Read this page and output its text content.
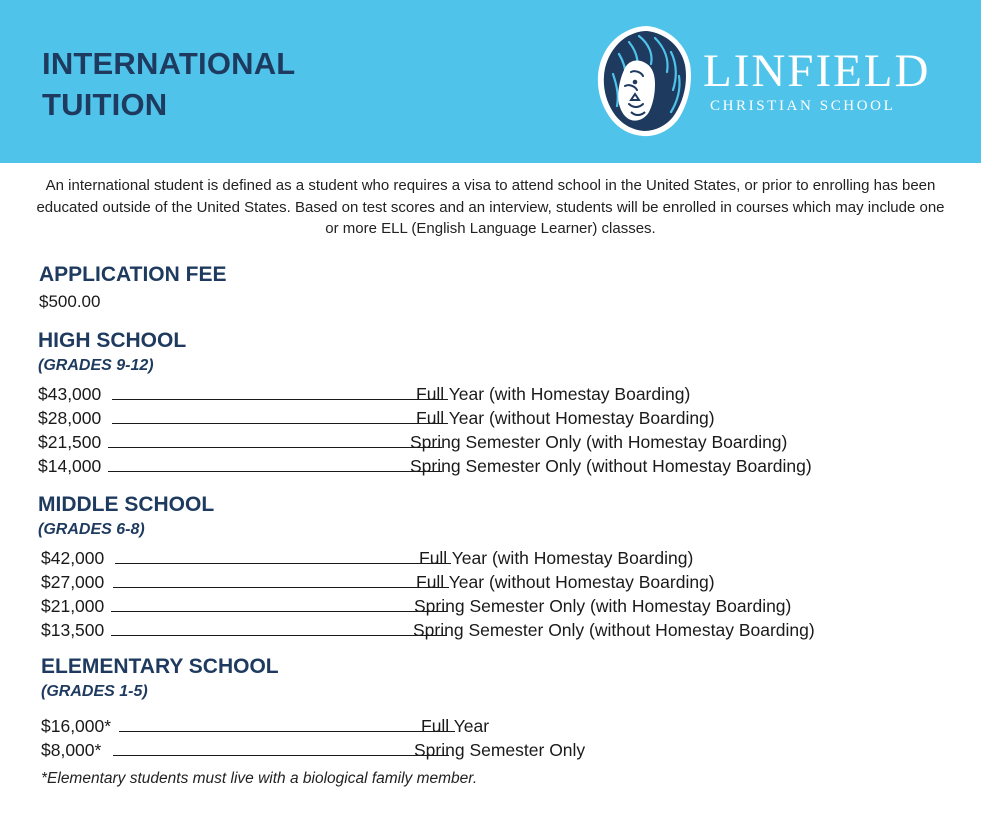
INTERNATIONAL
TUITION
LINFIELD
CHRISTIAN SCHOOL

An international student is defined as a student who requires a visa to attend school in the United States, or prior to enrolling has been educated outside of the United States. Based on test scores and an interview, students will be enrolled in courses which may include one or more ELL (English Language Learner) classes.

APPLICATION FEE

$500.00

HIGH SCHOOL

(GRADES 9-12)

$43,000	Full Year (with Homestay Boarding)
$28,000	Full Year (without Homestay Boarding)
$21,500	Spring Semester Only (with Homestay Boarding)
$14,000	Spring Semester Only (without Homestay Boarding)
MIDDLE SCHOOL

(GRADES 6-8)

$42,000	Full Year (with Homestay Boarding)
$27,000	Full Year (without Homestay Boarding)
$21,000	Spring Semester Only (with Homestay Boarding)
$13,500	Spring Semester Only (without Homestay Boarding)
ELEMENTARY SCHOOL

(GRADES 1-5)

$16,000*	Full Year
$8,000*	Spring Semester Only

*Elementary students must live with a biological family member.
